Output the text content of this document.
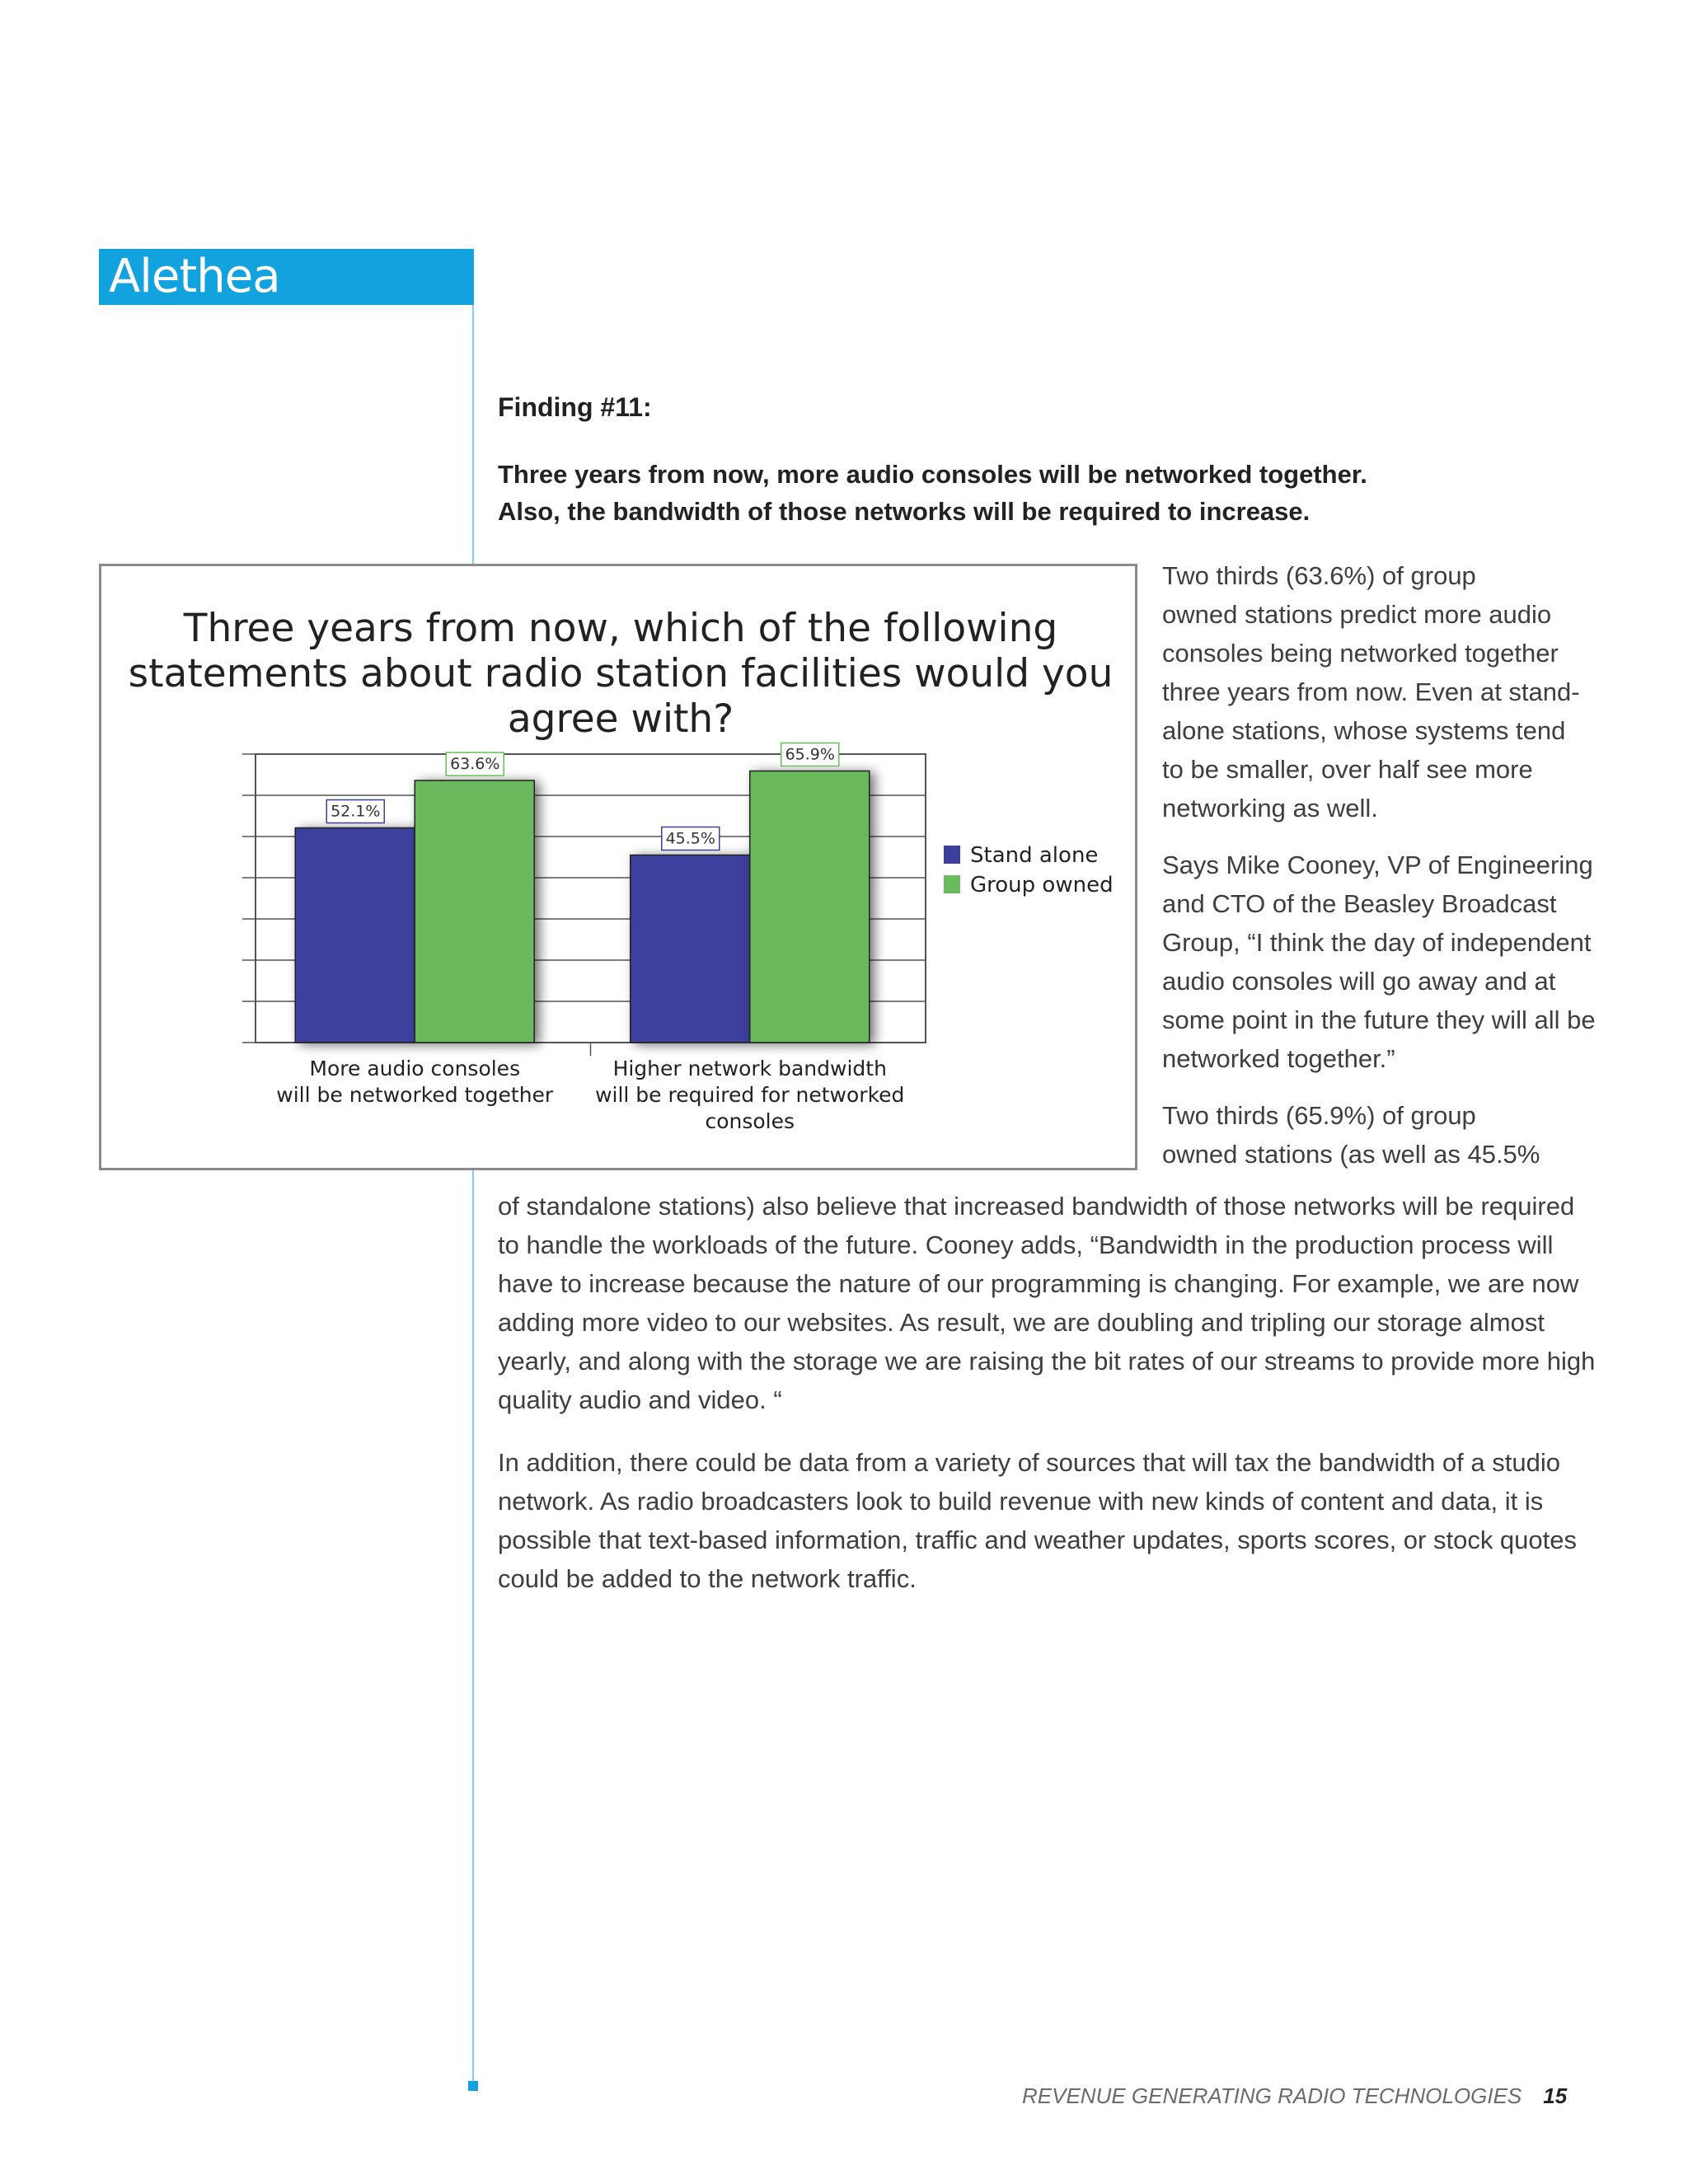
Alethea Research
Finding #11:
Three years from now, more audio consoles will be networked together.
Also, the bandwidth of those networks will be required to increase.
Three years from now, which of the following
statements about radio station facilities would you
agree with?
52.1%
63.6%
More audio consoles
will be networked together
45.5%
65.9%
Higher network bandwidth
will be required for networked
consoles
Stand alone
Group owned

Two thirds (63.6%) of group
owned stations predict more audio
consoles being networked together
three years from now. Even at stand-
alone stations, whose systems tend
to be smaller, over half see more
networking as well.

Says Mike Cooney, VP of Engineering
and CTO of the Beasley Broadcast
Group, “I think the day of independent
audio consoles will go away and at
some point in the future they will all be
networked together.”

Two thirds (65.9%) of group
owned stations (as well as 45.5%

of standalone stations) also believe that increased bandwidth of those networks will be required
to handle the workloads of the future. Cooney adds, “Bandwidth in the production process will
have to increase because the nature of our programming is changing. For example, we are now
adding more video to our websites. As result, we are doubling and tripling our storage almost
yearly, and along with the storage we are raising the bit rates of our streams to provide more high
quality audio and video. “
In addition, there could be data from a variety of sources that will tax the bandwidth of a studio
network. As radio broadcasters look to build revenue with new kinds of content and data, it is
possible that text-based information, traffic and weather updates, sports scores, or stock quotes
could be added to the network traffic.
REVENUE GENERATING RADIO TECHNOLOGIES 15
